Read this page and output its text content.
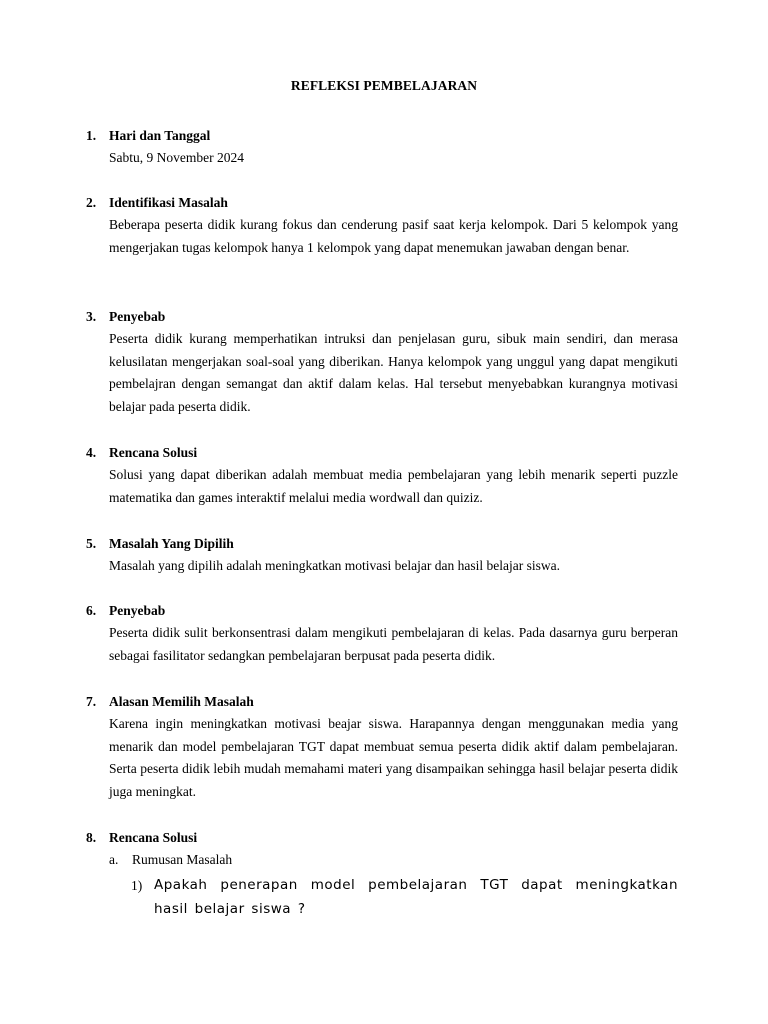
REFLEKSI PEMBELAJARAN
1. Hari dan Tanggal
Sabtu, 9 November 2024
2. Identifikasi Masalah
Beberapa peserta didik kurang fokus dan cenderung pasif saat kerja kelompok. Dari 5 kelompok yang mengerjakan tugas kelompok hanya 1 kelompok yang dapat menemukan jawaban dengan benar.
3. Penyebab
Peserta didik kurang memperhatikan intruksi dan penjelasan guru, sibuk main sendiri, dan merasa kelusilatan mengerjakan soal-soal yang diberikan. Hanya kelompok yang unggul yang dapat mengikuti pembelajran dengan semangat dan aktif dalam kelas. Hal tersebut menyebabkan kurangnya motivasi belajar pada peserta didik.
4. Rencana Solusi
Solusi yang dapat diberikan adalah membuat media pembelajaran yang lebih menarik seperti puzzle matematika dan games interaktif melalui media wordwall dan quiziz.
5. Masalah Yang Dipilih
Masalah yang dipilih adalah meningkatkan motivasi belajar dan hasil belajar siswa.
6. Penyebab
Peserta didik sulit berkonsentrasi dalam mengikuti pembelajaran di kelas. Pada dasarnya guru berperan sebagai fasilitator sedangkan pembelajaran berpusat pada peserta didik.
7. Alasan Memilih Masalah
Karena ingin meningkatkan motivasi beajar siswa. Harapannya dengan menggunakan media yang menarik dan model pembelajaran TGT dapat membuat semua peserta didik aktif dalam pembelajaran. Serta peserta didik lebih mudah memahami materi yang disampaikan sehingga hasil belajar peserta didik juga meningkat.
8. Rencana Solusi
a. Rumusan Masalah
1) Apakah penerapan model pembelajaran TGT dapat meningkatkan hasil belajar siswa ?
